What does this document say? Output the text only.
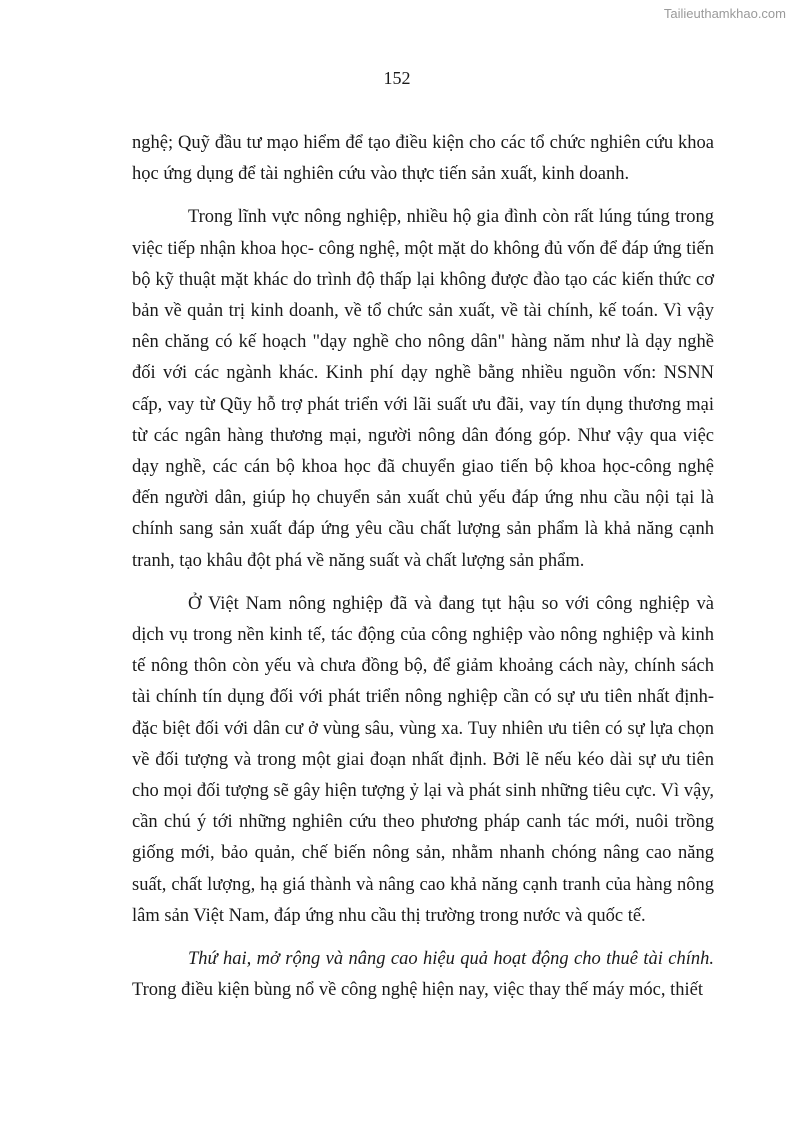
Tailieuthamkhao.com
152

nghệ; Quỹ đầu tư mạo hiểm để tạo điều kiện cho các tổ chức nghiên cứu khoa học ứng dụng để tài nghiên cứu vào thực tiến sản xuất, kinh doanh.

Trong lĩnh vực nông nghiệp, nhiều hộ gia đình còn rất lúng túng trong việc tiếp nhận khoa học- công nghệ, một mặt do không đủ vốn để đáp ứng tiến bộ kỹ thuật mặt khác do trình độ thấp lại không được đào tạo các kiến thức cơ bản về quản trị kinh doanh, về tổ chức sản xuất, về tài chính, kế toán. Vì vậy nên chăng có kế hoạch "dạy nghề cho nông dân" hàng năm như là dạy nghề đối với các ngành khác. Kinh phí dạy nghề bằng nhiều nguồn vốn: NSNN cấp, vay từ Qũy hỗ trợ phát triển với lãi suất ưu đãi, vay tín dụng thương mại từ các ngân hàng thương mại, người nông dân đóng góp. Như vậy qua việc dạy nghề, các cán bộ khoa học đã chuyển giao tiến bộ khoa học-công nghệ đến người dân, giúp họ chuyển sản xuất chủ yếu đáp ứng nhu cầu nội tại là chính sang sản xuất đáp ứng yêu cầu chất lượng sản phẩm là khả năng cạnh tranh, tạo khâu đột phá về năng suất và chất lượng sản phẩm.

Ở Việt Nam nông nghiệp đã và đang tụt hậu so với công nghiệp và dịch vụ trong nền kinh tế, tác động của công nghiệp vào nông nghiệp và kinh tế nông thôn còn yếu và chưa đồng bộ, để giảm khoảng cách này, chính sách tài chính tín dụng đối với phát triển nông nghiệp cần có sự ưu tiên nhất định-đặc biệt đối với dân cư ở vùng sâu, vùng xa. Tuy nhiên ưu tiên có sự lựa chọn về đối tượng và trong một giai đoạn nhất định. Bởi lẽ nếu kéo dài sự ưu tiên cho mọi đối tượng sẽ gây hiện tượng ỷ lại và phát sinh những tiêu cực. Vì vậy, cần chú ý tới những nghiên cứu theo phương pháp canh tác mới, nuôi trồng giống mới, bảo quản, chế biến nông sản, nhằm nhanh chóng nâng cao năng suất, chất lượng, hạ giá thành và nâng cao khả năng cạnh tranh của hàng nông lâm sản Việt Nam, đáp ứng nhu cầu thị trường trong nước và quốc tế.

Thứ hai, mở rộng và nâng cao hiệu quả hoạt động cho thuê tài chính. Trong điều kiện bùng nổ về công nghệ hiện nay, việc thay thế máy móc, thiết
